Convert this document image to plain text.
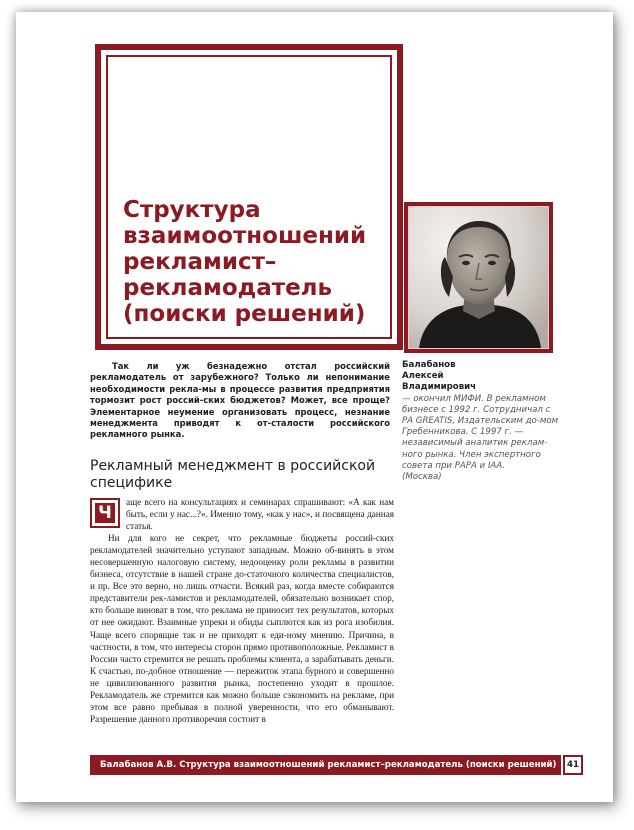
Структура взаимоотношений рекламист–рекламодатель (поиски решений)
Балабанов
Алексей
Владимирович
— окончил МИФИ. В рекламном бизнесе с 1992 г. Сотрудничал с РА GREATIS, Издательским до-мом Гребенникова. С 1997 г. — независимый аналитик реклам-ного рынка. Член экспертного совета при РАРА и IAA.
(Москва)

Так ли уж безнадежно отстал российский рекламодатель от зарубежного? Только ли непонимание необходимости рекла-мы в процессе развития предприятия тормозит рост россий-ских бюджетов? Может, все проще? Элементарное неумение организовать процесс, незнание менеджмента приводят к от-сталости российского рекламного рынка.

Рекламный менеджмент в российской специфике
Ч

аще всего на консультациях и семинарах спрашивают: «А как нам быть, если у нас...?». Именно тому, «как у нас», и посвящена данная статья.

Ни для кого не секрет, что рекламные бюджеты россий-ских рекламодателей значительно уступают западным. Можно об-винять в этом несовершенную налоговую систему, недооценку роли рекламы в развитии бизнеса, отсутствие в нашей стране до-статочного количества специалистов, и пр. Все это верно, но лишь отчасти. Всякий раз, когда вместе собираются представители рек-ламистов и рекламодателей, обязательно возникает спор, кто больше виноват в том, что реклама не приносит тех результатов, которых от нее ожидают. Взаимные упреки и обиды сыплются как из рога изобилия. Чаще всего спорящие так и не приходят к еди-ному мнению. Причина, в частности, в том, что интересы сторон прямо противоположные. Рекламист в России часто стремится не решать проблемы клиента, а зарабатывать деньги. К счастью, по-добное отношение — пережиток этапа бурного и совершенно не цивилизованного развития рынка, постепенно уходит в прошлое. Рекламодатель же стремится как можно больше сэкономить на рекламе, при этом все равно пребывая в полной уверенности, что его обманывают. Разрешение данного противоречия состоит в

Балабанов А.В. Структура взаимоотношений рекламист–рекламодатель (поиски решений)	41
